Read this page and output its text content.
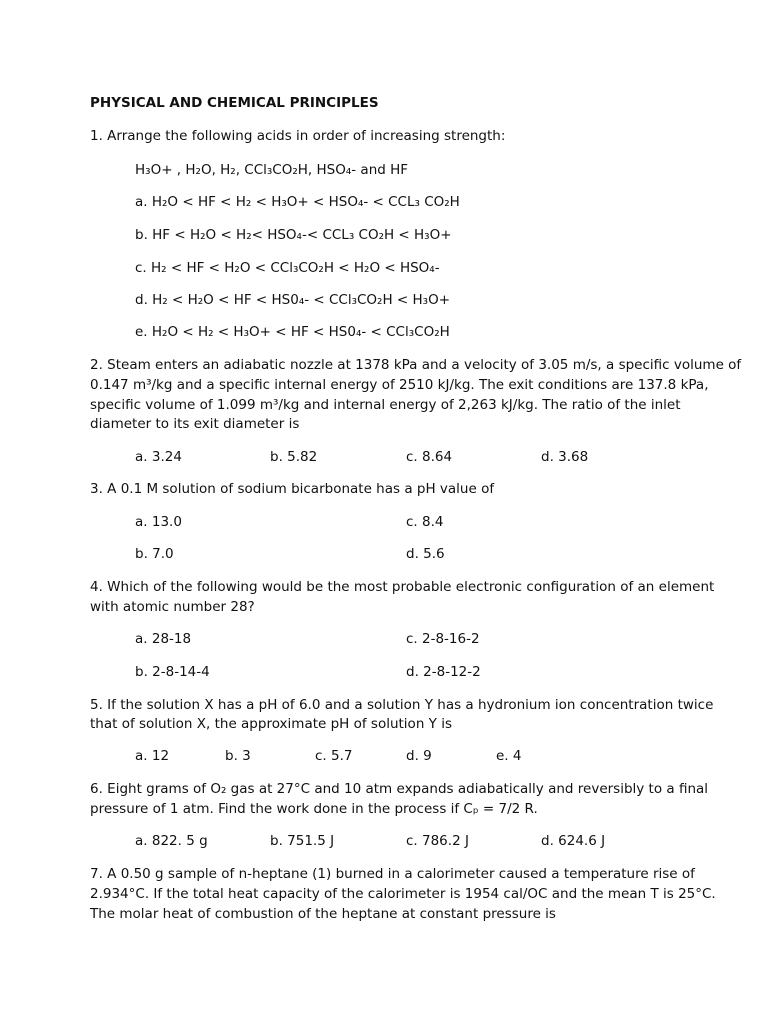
PHYSICAL AND CHEMICAL PRINCIPLES
1. Arrange the following acids in order of increasing strength:
H₃O+ , H₂O, H₂, CCl₃CO₂H, HSO₄- and HF
a. H₂O < HF < H₂ < H₃O+ < HSO₄- < CCL₃ CO₂H
b. HF < H₂O < H₂< HSO₄-< CCL₃ CO₂H < H₃O+
c. H₂ < HF < H₂O < CCl₃CO₂H < H₂O < HSO₄-
d. H₂ < H₂O < HF < HS0₄- < CCl₃CO₂H < H₃O+
e. H₂O < H₂ < H₃O+ < HF < HS0₄- < CCl₃CO₂H
2. Steam enters an adiabatic nozzle at 1378 kPa and a velocity of 3.05 m/s, a specific volume of
0.147 m³/kg and a specific internal energy of 2510 kJ/kg. The exit conditions are 137.8 kPa,
specific volume of 1.099 m³/kg and internal energy of 2,263 kJ/kg. The ratio of the inlet
diameter to its exit diameter is
a. 3.24	b. 5.82	c. 8.64	d. 3.68
3. A 0.1 M solution of sodium bicarbonate has a pH value of
a. 13.0	c. 8.4
b. 7.0	d. 5.6
4. Which of the following would be the most probable electronic configuration of an element
with atomic number 28?
a. 28-18	c. 2-8-16-2
b. 2-8-14-4	d. 2-8-12-2
5. If the solution X has a pH of 6.0 and a solution Y has a hydronium ion concentration twice
that of solution X, the approximate pH of solution Y is
a. 12	b. 3	c. 5.7	d. 9	e. 4
6. Eight grams of O₂ gas at 27°C and 10 atm expands adiabatically and reversibly to a final
pressure of 1 atm. Find the work done in the process if Cₚ = 7/2 R.
a. 822. 5 g	b. 751.5 J	c. 786.2 J	d. 624.6 J
7. A 0.50 g sample of n-heptane (1) burned in a calorimeter caused a temperature rise of
2.934°C. If the total heat capacity of the calorimeter is 1954 cal/OC and the mean T is 25°C.
The molar heat of combustion of the heptane at constant pressure is
